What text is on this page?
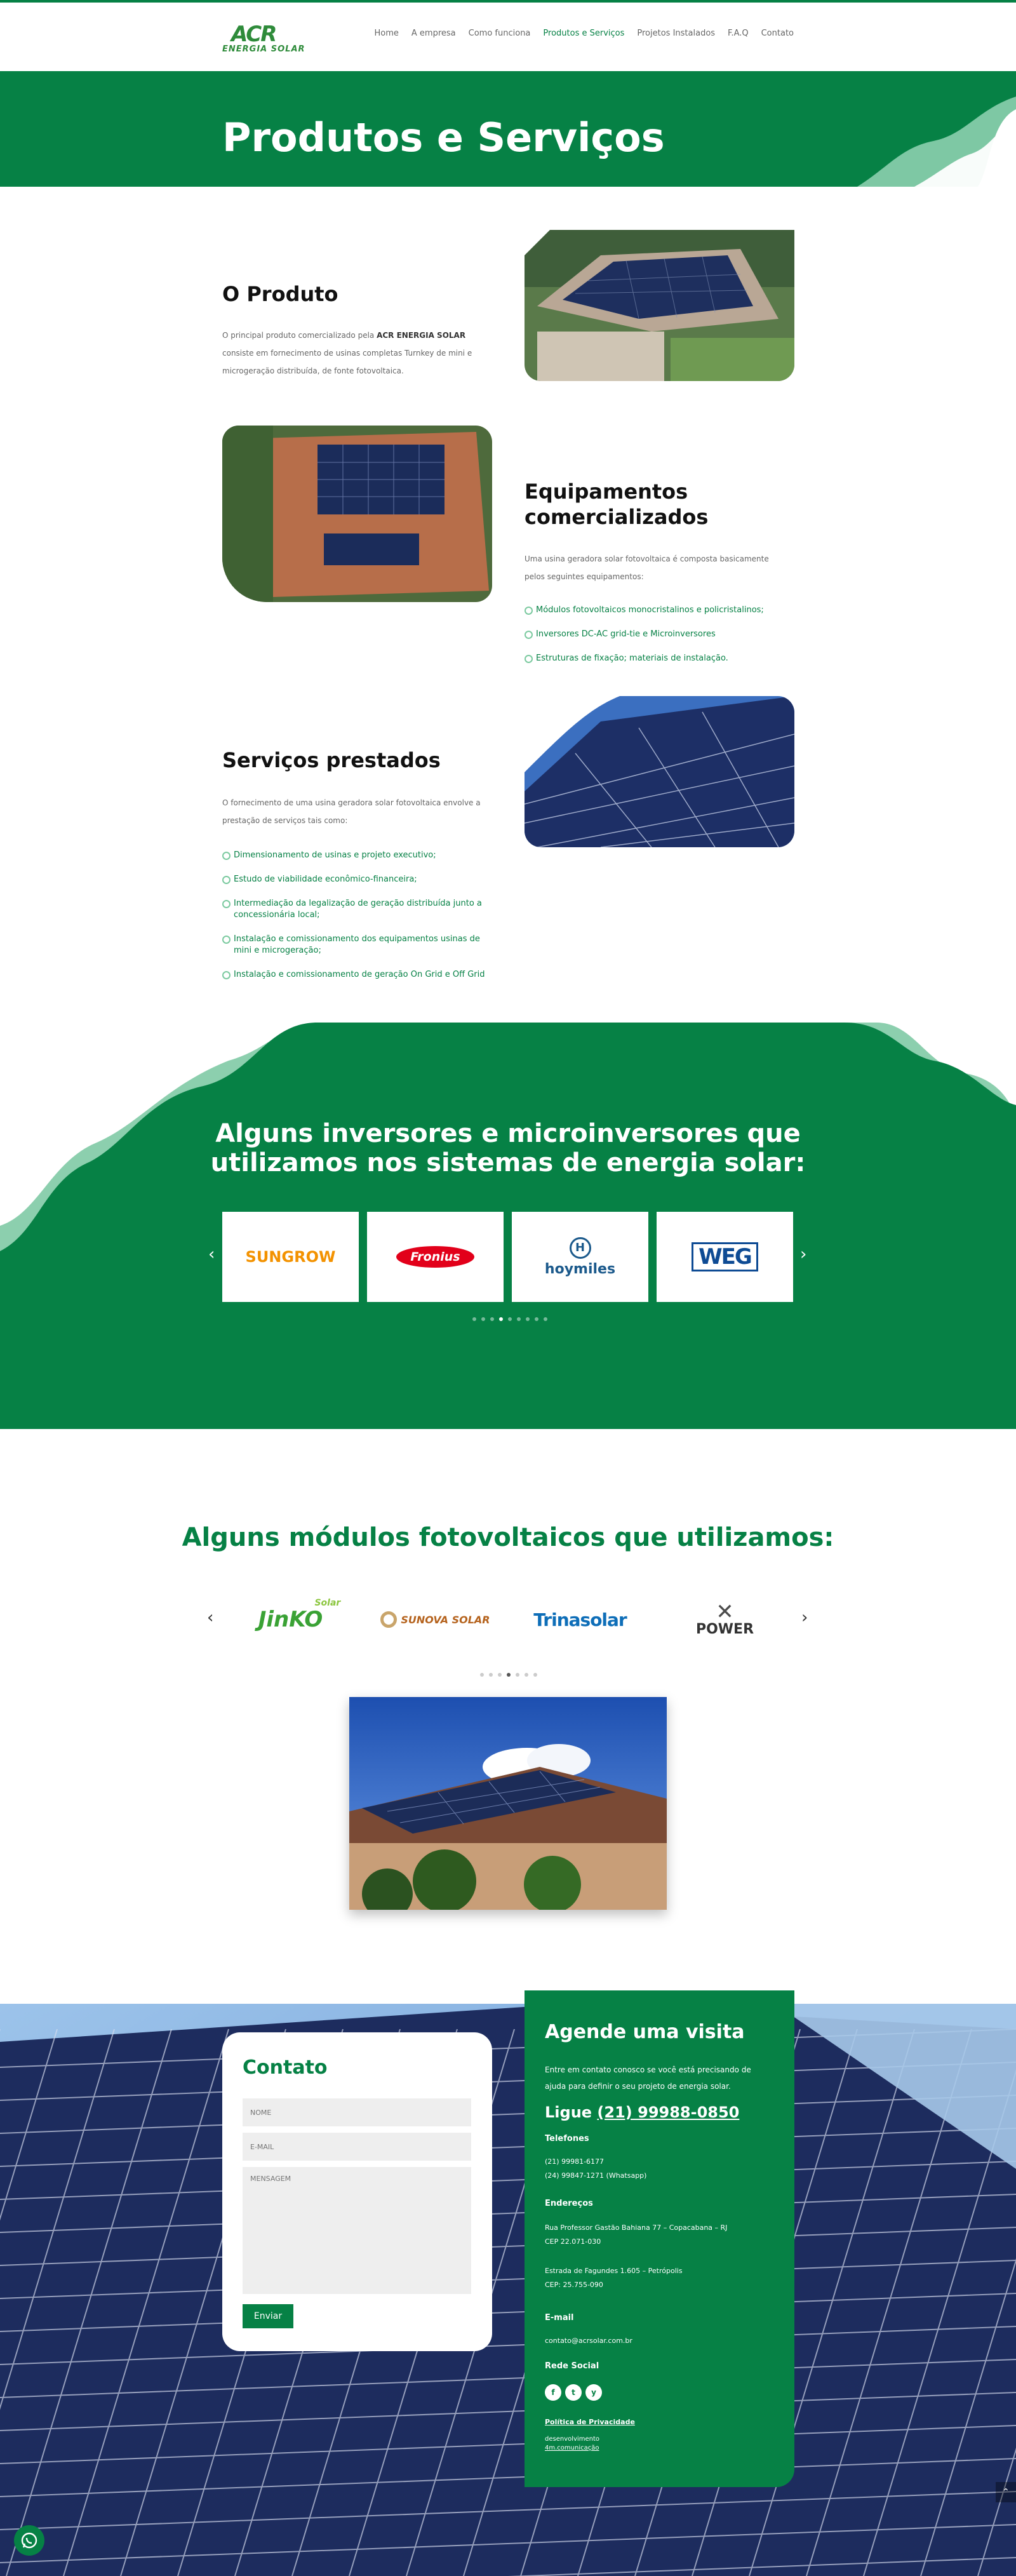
ACR
ENERGIA SOLAR
Home A empresa Como funciona Produtos e Serviços Projetos Instalados F.A.Q Contato
Produtos e Serviços
O Produto

O principal produto comercializado pela ACR ENERGIA SOLAR consiste em fornecimento de usinas completas Turnkey de mini e microgeração distribuída, de fonte fotovoltaica.

Equipamentos
comercializados

Uma usina geradora solar fotovoltaica é composta basicamente pelos seguintes equipamentos:

Módulos fotovoltaicos monocristalinos e policristalinos;
Inversores DC-AC grid-tie e Microinversores
Estruturas de fixação; materiais de instalação.
Serviços prestados

O fornecimento de uma usina geradora solar fotovoltaica envolve a prestação de serviços tais como:

Dimensionamento de usinas e projeto executivo;
Estudo de viabilidade econômico-financeira;
Intermediação da legalização de geração distribuída junto a concessionária local;
Instalação e comissionamento dos equipamentos usinas de mini e microgeração;
Instalação e comissionamento de geração On Grid e Off Grid
Alguns inversores e microinversores que
utilizamos nos sistemas de energia solar:
‹	›
SUNGROW	Fronius
H
hoymiles	WEG
Alguns módulos fotovoltaicos que utilizamos:
‹	›
JinKO
Solar
SUNOVA SOLAR Trinasolar	✕
POWER
Contato
NOME
E-MAIL
MENSAGEM
Enviar
Agende uma visita

Entre em contato conosco se você está precisando de ajuda para definir o seu projeto de energia solar.

Ligue (21) 99988-0850
Telefones
(21) 99981-6177
(24) 99847-1271 (Whatsapp)
Endereços
Rua Professor Gastão Bahiana 77 – Copacabana – RJ
CEP 22.071-030
Estrada de Fagundes 1.605 – Petrópolis
CEP: 25.755-090
E-mail
contato@acrsolar.com.br
Rede Social
f	t	y
Política de Privacidade
desenvolvimento
4m.comunicação
⌃
